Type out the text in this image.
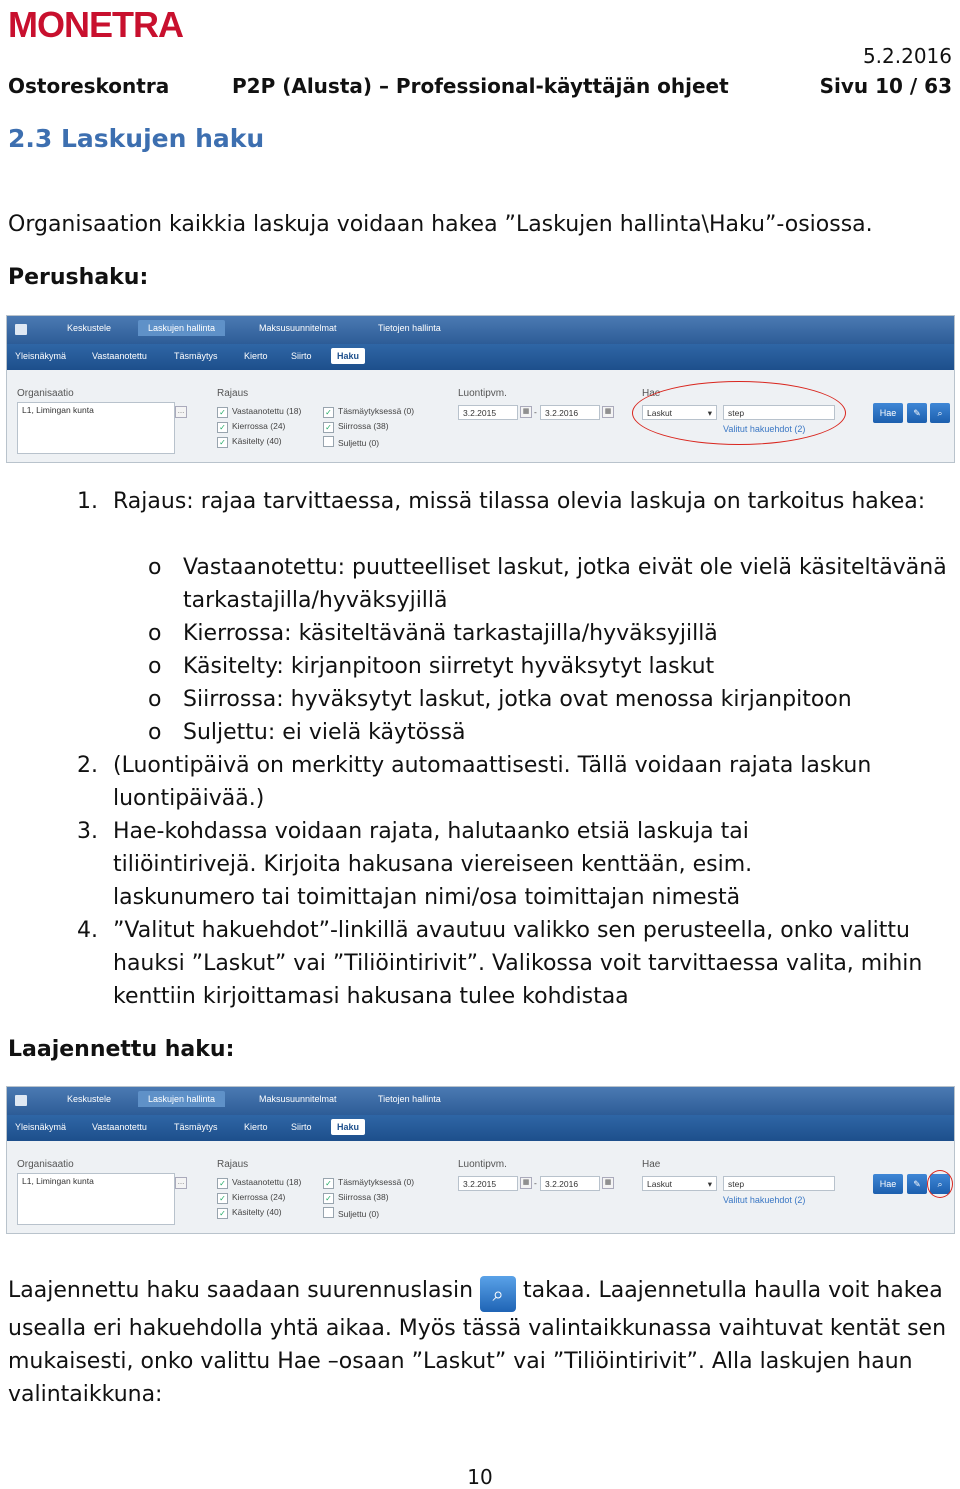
MONETRA
5.2.2016
Ostoreskontra	P2P (Alusta) – Professional-käyttäjän ohjeet	Sivu 10 / 63
2.3 Laskujen haku
Organisaation kaikkia laskuja voidaan hakea ”Laskujen hallinta\Haku”-osiossa.
Perushaku:
Keskustele	Laskujen hallinta	Maksusuunnitelmat	Tietojen hallinta
Yleisnäkymä	Vastaanotettu	Täsmäytys	Kierto	Siirto	Haku
Organisaatio
L1, Limingan kunta	…
Rajaus
✓ Vastaanotettu (18)
✓ Kierrossa (24)
✓ Käsitelty (40)
✓ Täsmäytyksessä (0)
✓ Siirrossa (38)
Suljettu (0)
Luontipvm.
3.2.2015	▦ - 3.2.2016	▦
Hae
Laskut	▾	step
Valitut hakuehdot (2)
Hae	✎	⌕
1. Rajaus: rajaa tarvittaessa, missä tilassa olevia laskuja on tarkoitus hakea:
o Vastaanotettu: puutteelliset laskut, jotka eivät ole vielä käsiteltävänä tarkastajilla/hyväksyjillä
o Kierrossa: käsiteltävänä tarkastajilla/hyväksyjillä
o Käsitelty: kirjanpitoon siirretyt hyväksytyt laskut
o Siirrossa: hyväksytyt laskut, jotka ovat menossa kirjanpitoon
o Suljettu: ei vielä käytössä
2. (Luontipäivä on merkitty automaattisesti. Tällä voidaan rajata laskun luontipäivää.)
3. Hae-kohdassa voidaan rajata, halutaanko etsiä laskuja tai tiliöintirivejä. Kirjoita hakusana viereiseen kenttään, esim. laskunumero tai toimittajan nimi/osa toimittajan nimestä
4. ”Valitut hakuehdot”-linkillä avautuu valikko sen perusteella, onko valittu hauksi ”Laskut” vai ”Tiliöintirivit”. Valikossa voit tarvittaessa valita, mihin kenttiin kirjoittamasi hakusana tulee kohdistaa
Laajennettu haku:
Keskustele	Laskujen hallinta	Maksusuunnitelmat	Tietojen hallinta
Yleisnäkymä	Vastaanotettu	Täsmäytys	Kierto	Siirto	Haku
Organisaatio
L1, Limingan kunta	…
Rajaus
✓ Vastaanotettu (18)
✓ Kierrossa (24)
✓ Käsitelty (40)
✓ Täsmäytyksessä (0)
✓ Siirrossa (38)
Suljettu (0)
Luontipvm.
3.2.2015	▦ - 3.2.2016	▦
Hae
Laskut	▾	step
Valitut hakuehdot (2)
Hae	✎	⌕
Laajennettu haku saadaan suurennuslasin ⌕ takaa. Laajennetulla haulla voit hakea usealla eri hakuehdolla yhtä aikaa. Myös tässä valintaikkunassa vaihtuvat kentät sen mukaisesti, onko valittu Hae –osaan ”Laskut” vai ”Tiliöintirivit”. Alla laskujen haun valintaikkuna:
10
